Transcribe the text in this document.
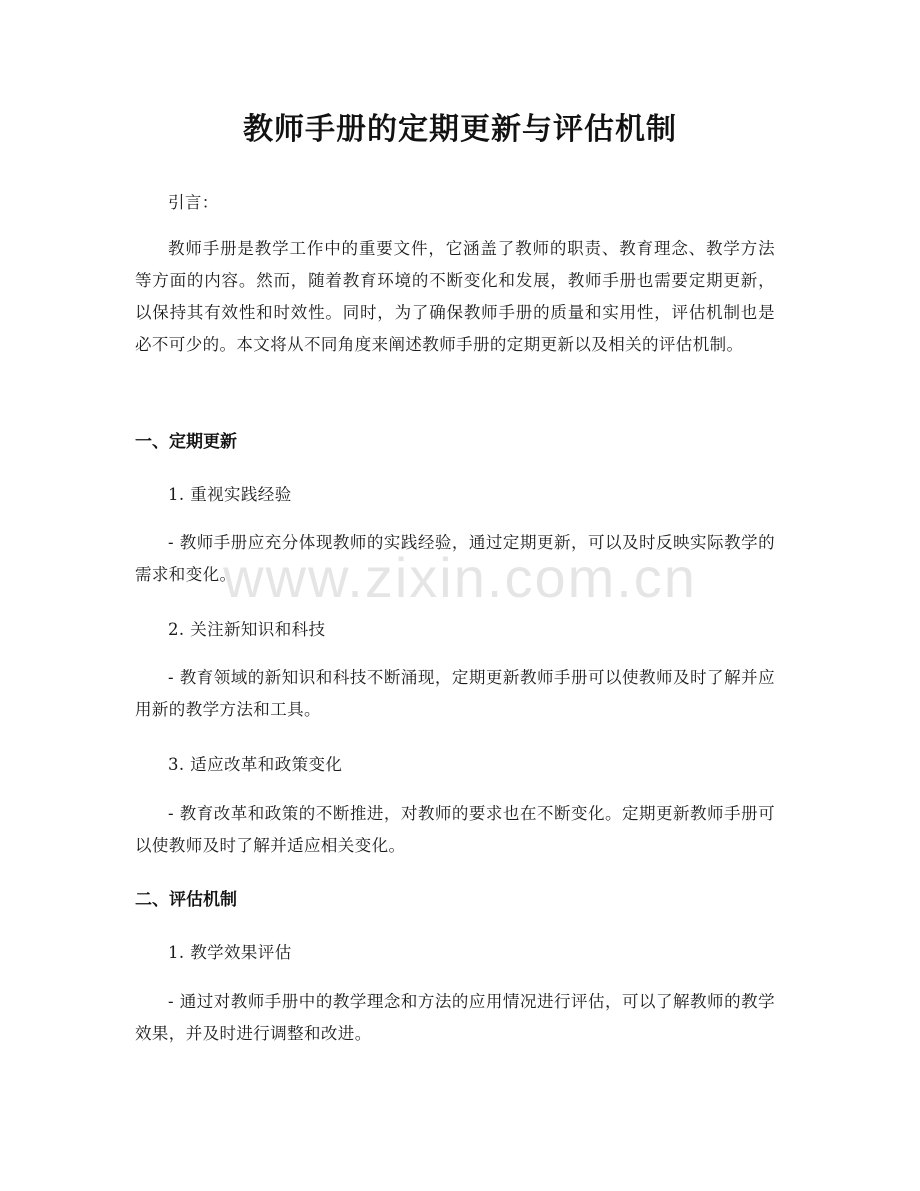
教师手册的定期更新与评估机制
引言：
教师手册是教学工作中的重要文件，它涵盖了教师的职责、教育理念、教学方法等方面的内容。然而，随着教育环境的不断变化和发展，教师手册也需要定期更新，以保持其有效性和时效性。同时，为了确保教师手册的质量和实用性，评估机制也是必不可少的。本文将从不同角度来阐述教师手册的定期更新以及相关的评估机制。
一、定期更新
1. 重视实践经验
- 教师手册应充分体现教师的实践经验，通过定期更新，可以及时反映实际教学的需求和变化。
2. 关注新知识和科技
- 教育领域的新知识和科技不断涌现，定期更新教师手册可以使教师及时了解并应用新的教学方法和工具。
3. 适应改革和政策变化
- 教育改革和政策的不断推进，对教师的要求也在不断变化。定期更新教师手册可以使教师及时了解并适应相关变化。
二、评估机制
1. 教学效果评估
- 通过对教师手册中的教学理念和方法的应用情况进行评估，可以了解教师的教学效果，并及时进行调整和改进。
www.zixin.com.cn
